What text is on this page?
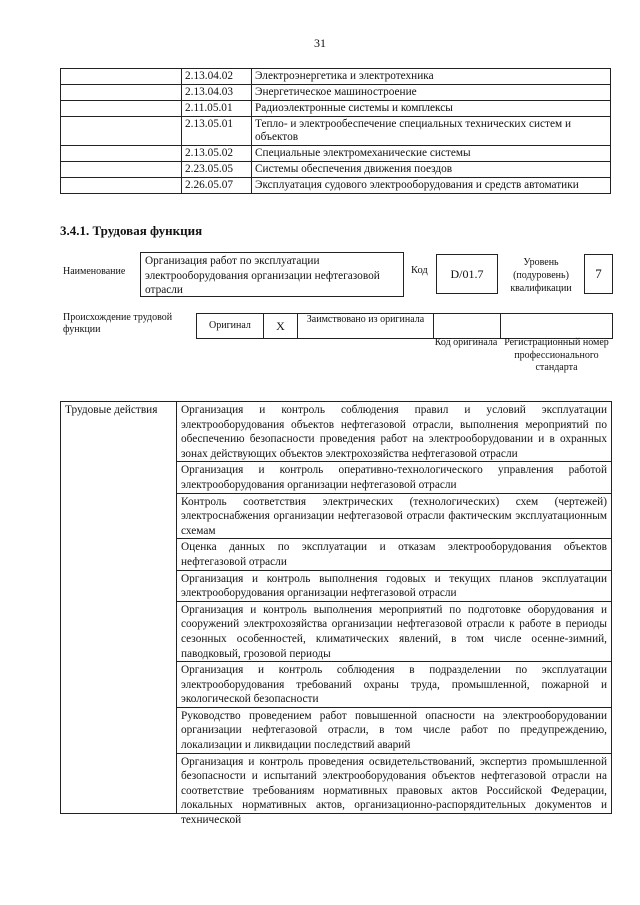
31
	2.13.04.02	Электроэнергетика и электротехника
	2.13.04.03	Энергетическое машиностроение
	2.11.05.01	Радиоэлектронные системы и комплексы
	2.13.05.01	Тепло- и электрообеспечение специальных технических систем и объектов
	2.13.05.02	Специальные электромеханические системы
	2.23.05.05	Системы обеспечения движения поездов
	2.26.05.07	Эксплуатация судового электрооборудования и средств автоматики
3.4.1. Трудовая функция
Наименование
Организация работ по эксплуатации электрооборудования организации нефтегазовой отрасли
Код	D/01.7
Уровень (подуровень) квалификации
7
Происхождение трудовой функции	Оригинал	X	Заимствовано из оригинала
Код оригинала Регистрационный номер профессионального стандарта
Трудовые действия	Организация и контроль соблюдения правил и условий эксплуатации электрооборудования объектов нефтегазовой отрасли, выполнения мероприятий по обеспечению безопасности проведения работ на электрооборудовании и в охранных зонах действующих объектов электрохозяйства нефтегазовой отрасли
Организация и контроль оперативно-технологического управления работой электрооборудования организации нефтегазовой отрасли
Контроль соответствия электрических (технологических) схем (чертежей) электроснабжения организации нефтегазовой отрасли фактическим эксплуатационным схемам
Оценка данных по эксплуатации и отказам электрооборудования объектов нефтегазовой отрасли
Организация и контроль выполнения годовых и текущих планов эксплуатации электрооборудования организации нефтегазовой отрасли
Организация и контроль выполнения мероприятий по подготовке оборудования и сооружений электрохозяйства организации нефтегазовой отрасли к работе в периоды сезонных особенностей, климатических явлений, в том числе осенне-зимний, паводковый, грозовой периоды
Организация и контроль соблюдения в подразделении по эксплуатации электрооборудования требований охраны труда, промышленной, пожарной и экологической безопасности
Руководство проведением работ повышенной опасности на электрооборудовании организации нефтегазовой отрасли, в том числе работ по предупреждению, локализации и ликвидации последствий аварий

Организация и контроль проведения освидетельствований, экспертиз промышленной безопасности и испытаний электрооборудования объектов нефтегазовой отрасли на соответствие требованиям нормативных правовых актов Российской Федерации, локальных нормативных актов, организационно-распорядительных документов и технической
